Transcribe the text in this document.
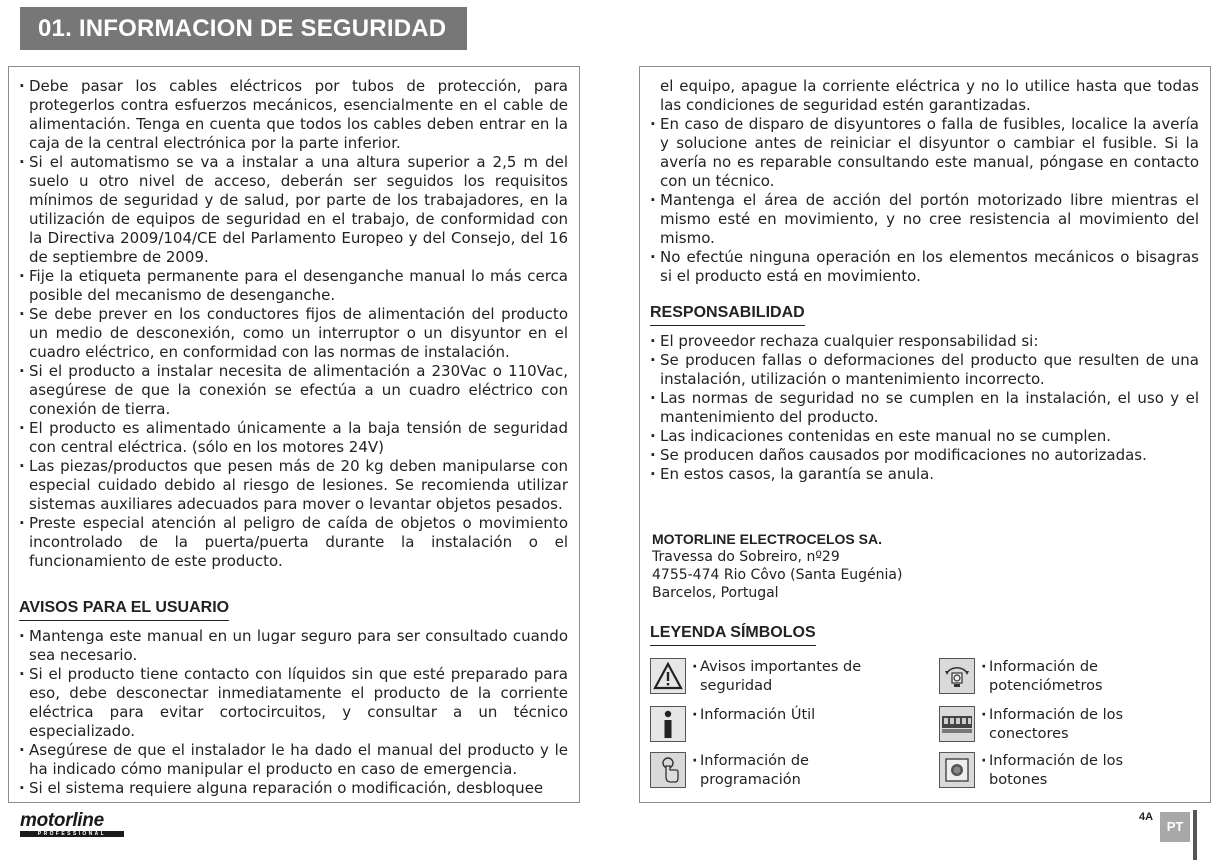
01. INFORMACION DE SEGURIDAD
· Debe pasar los cables eléctricos por tubos de protección, para protegerlos contra esfuerzos mecánicos, esencialmente en el cable de alimentación. Tenga en cuenta que todos los cables deben entrar en la caja de la central electrónica por la parte inferior.
· Si el automatismo se va a instalar a una altura superior a 2,5 m del suelo u otro nivel de acceso, deberán ser seguidos los requisitos mínimos de seguridad y de salud, por parte de los trabajadores, en la utilización de equipos de seguridad en el trabajo, de conformidad con la Directiva 2009/104/CE del Parlamento Europeo y del Consejo, del 16 de septiembre de 2009.
· Fije la etiqueta permanente para el desenganche manual lo más cerca posible del mecanismo de desenganche.
· Se debe prever en los conductores fijos de alimentación del producto un medio de desconexión, como un interruptor o un disyuntor en el cuadro eléctrico, en conformidad con las normas de instalación.
· Si el producto a instalar necesita de alimentación a 230Vac o 110Vac, asegúrese de que la conexión se efectúa a un cuadro eléctrico con conexión de tierra.
· El producto es alimentado únicamente a la baja tensión de seguridad con central eléctrica. (sólo en los motores 24V)
· Las piezas/productos que pesen más de 20 kg deben manipularse con especial cuidado debido al riesgo de lesiones. Se recomienda utilizar sistemas auxiliares adecuados para mover o levantar objetos pesados.
· Preste especial atención al peligro de caída de objetos o movimiento incontrolado de la puerta/puerta durante la instalación o el funcionamiento de este producto.
AVISOS PARA EL USUARIO
· Mantenga este manual en un lugar seguro para ser consultado cuando sea necesario.
· Si el producto tiene contacto con líquidos sin que esté preparado para eso, debe desconectar inmediatamente el producto de la corriente eléctrica para evitar cortocircuitos, y consultar a un técnico especializado.
· Asegúrese de que el instalador le ha dado el manual del producto y le ha indicado cómo manipular el producto en caso de emergencia.
· Si el sistema requiere alguna reparación o modificación, desbloquee
el equipo, apague la corriente eléctrica y no lo utilice hasta que todas las condiciones de seguridad estén garantizadas.
· En caso de disparo de disyuntores o falla de fusibles, localice la avería y solucione antes de reiniciar el disyuntor o cambiar el fusible. Si la avería no es reparable consultando este manual, póngase en contacto con un técnico.
· Mantenga el área de acción del portón motorizado libre mientras el mismo esté en movimiento, y no cree resistencia al movimiento del mismo.
· No efectúe ninguna operación en los elementos mecánicos o bisagras si el producto está en movimiento.
RESPONSABILIDAD
· El proveedor rechaza cualquier responsabilidad si:
· Se producen fallas o deformaciones del producto que resulten de una instalación, utilización o mantenimiento incorrecto.
· Las normas de seguridad no se cumplen en la instalación, el uso y el mantenimiento del producto.
· Las indicaciones contenidas en este manual no se cumplen.
· Se producen daños causados por modificaciones no autorizadas.
· En estos casos, la garantía se anula.
MOTORLINE ELECTROCELOS SA.
Travessa do Sobreiro, nº29
4755-474 Rio Côvo (Santa Eugénia)
Barcelos, Portugal
LEYENDA SÍMBOLOS
· Avisos importantes de seguridad
· Información de potenciómetros
· Información Útil
·	Información de los conectores
· Información de programación
· Información de los botones
motorline
PROFESSIONAL
4A
PT
